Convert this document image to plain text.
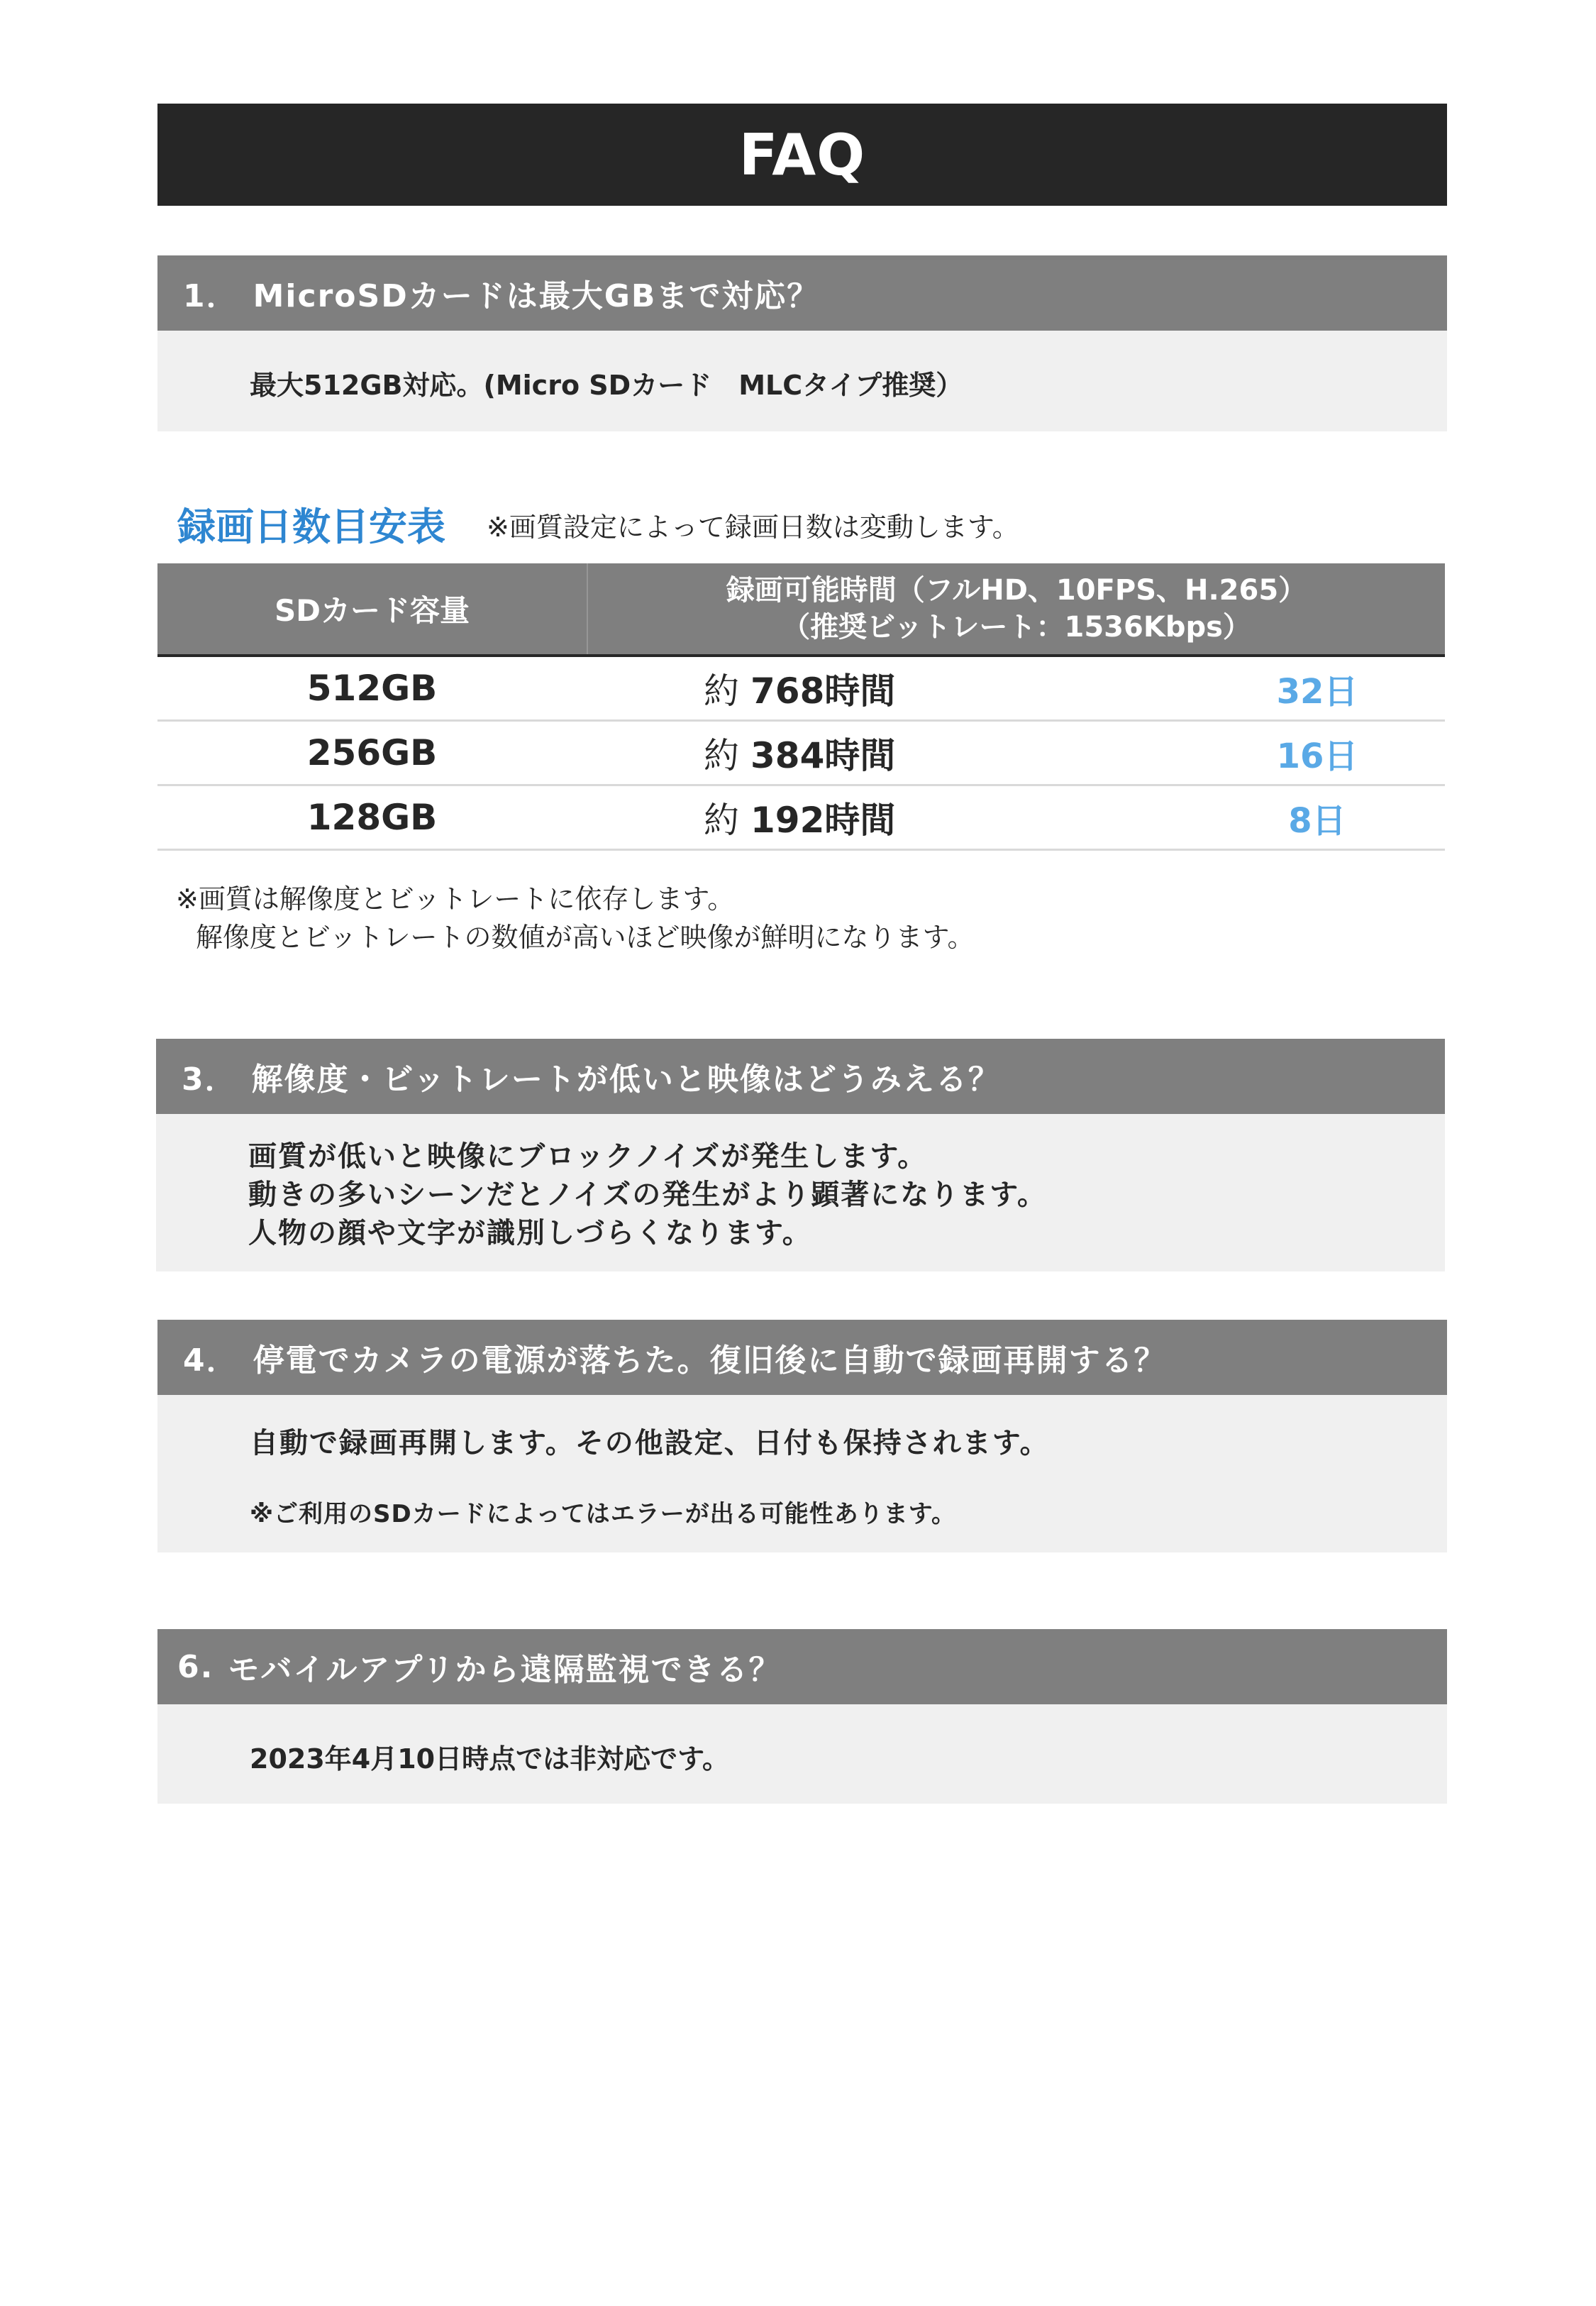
FAQ
1． MicroSDカードは最大GBまで対応？
最大512GB対応。(Micro SDカード　MLCタイプ推奨）
録画日数目安表 ※画質設定によって録画日数は変動します。
SDカード容量
録画可能時間（フルHD、10FPS、H.265）
（推奨ビットレート：1536Kbps）
512GB	約 768時間	32日
256GB	約 384時間	16日
128GB	約 192時間	8日
※画質は解像度とビットレートに依存します。
解像度とビットレートの数値が高いほど映像が鮮明になります。
3． 解像度・ビットレートが低いと映像はどうみえる？
画質が低いと映像にブロックノイズが発生します。
動きの多いシーンだとノイズの発生がより顕著になります。
人物の顔や文字が識別しづらくなります。
4． 停電でカメラの電源が落ちた。復旧後に自動で録画再開する？
自動で録画再開します。その他設定、日付も保持されます。
※ご利用のSDカードによってはエラーが出る可能性あります。
6. モバイルアプリから遠隔監視できる？
2023年4月10日時点では非対応です。
